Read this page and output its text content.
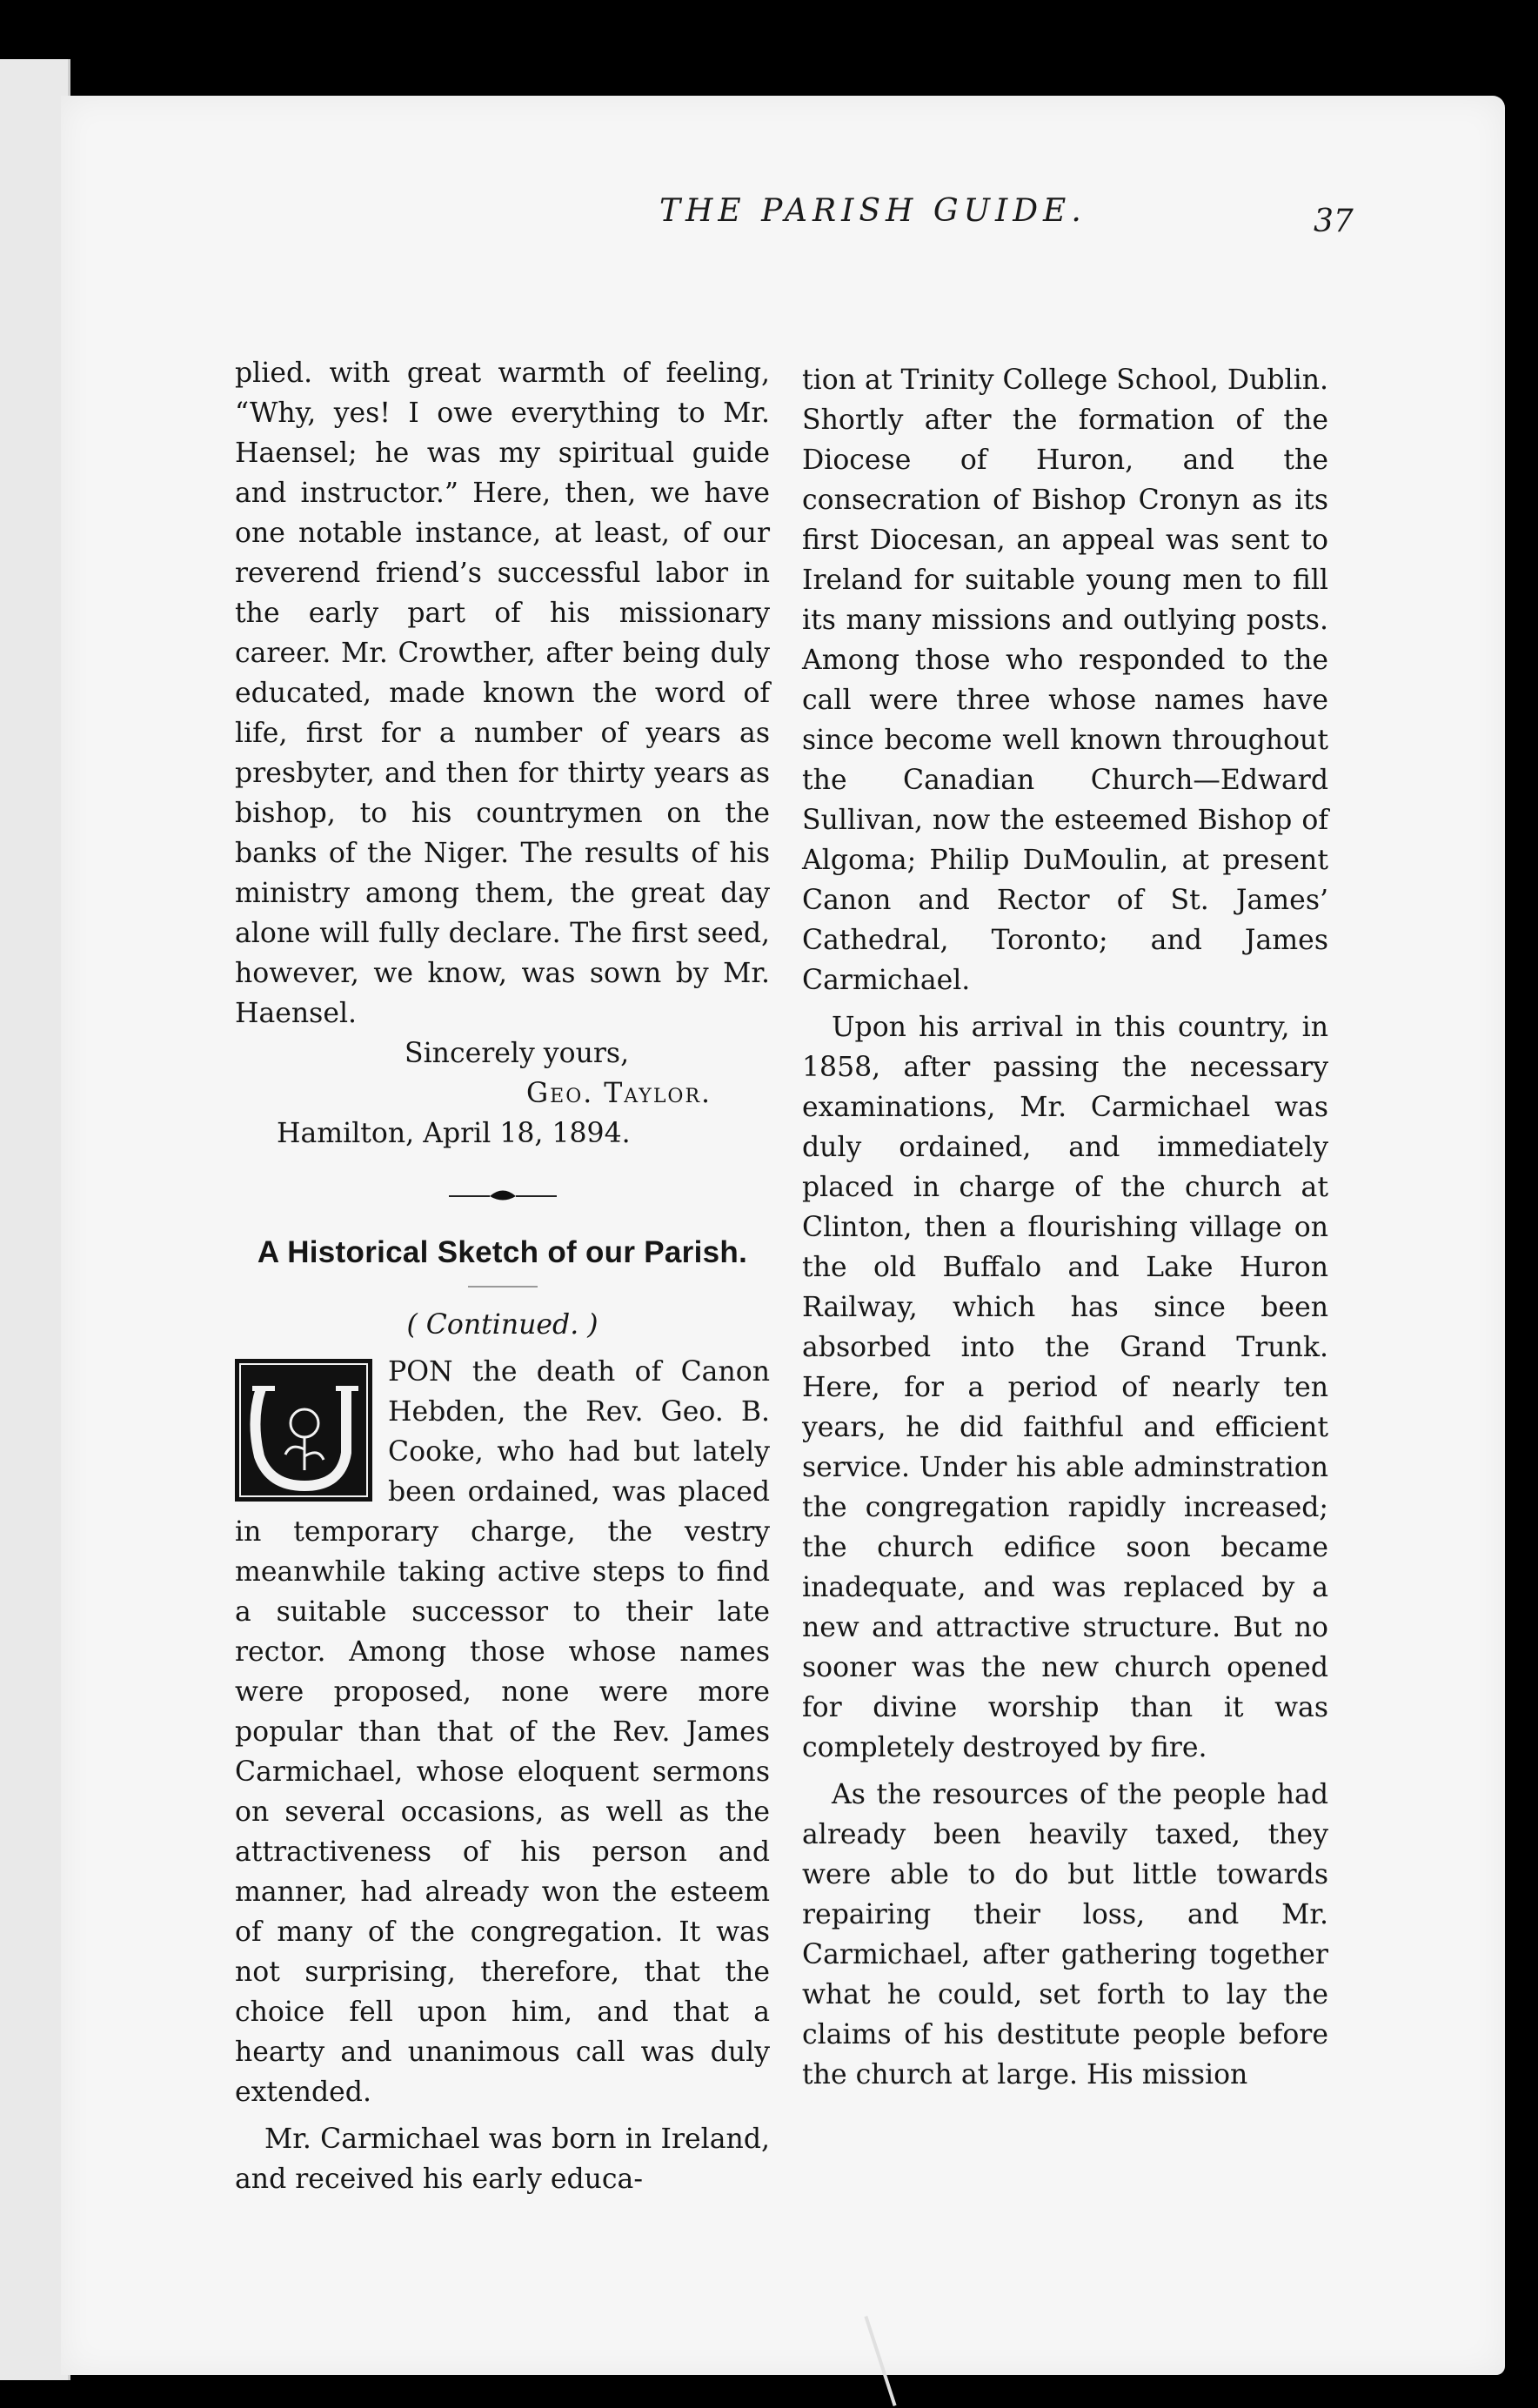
THE PARISH GUIDE.	37

plied. with great warmth of feeling, “Why, yes! I owe everything to Mr. Haensel; he was my spiritual guide and instructor.” Here, then, we have one notable instance, at least, of our reverend friend’s successful labor in the early part of his missionary career. Mr. Crowther, after being duly educated, made known the word of life, first for a number of years as presbyter, and then for thirty years as bishop, to his countrymen on the banks of the Niger. The results of his ministry among them, the great day alone will fully declare. The first seed, however, we know, was sown by Mr. Haensel.

Sincerely yours,

Geo. Taylor.

Hamilton, April 18, 1894.

A Historical Sketch of our Parish.

( Continued. )

PON the death of Canon Hebden, the Rev. Geo. B. Cooke, who had but lately been ordained, was placed in temporary charge, the vestry meanwhile taking active steps to find a suitable successor to their late rector. Among those whose names were proposed, none were more popular than that of the Rev. James Carmichael, whose eloquent sermons on several occasions, as well as the attractiveness of his person and manner, had already won the esteem of many of the congregation. It was not surprising, therefore, that the choice fell upon him, and that a hearty and unanimous call was duly extended.

Mr. Carmichael was born in Ireland, and received his early educa-

tion at Trinity College School, Dublin. Shortly after the formation of the Diocese of Huron, and the consecration of Bishop Cronyn as its first Diocesan, an appeal was sent to Ireland for suitable young men to fill its many missions and outlying posts. Among those who responded to the call were three whose names have since become well known throughout the Canadian Church—Edward Sullivan, now the esteemed Bishop of Algoma; Philip DuMoulin, at present Canon and Rector of St. James’ Cathedral, Toronto; and James Carmichael.

Upon his arrival in this country, in 1858, after passing the necessary examinations, Mr. Carmichael was duly ordained, and immediately placed in charge of the church at Clinton, then a flourishing village on the old Buffalo and Lake Huron Railway, which has since been absorbed into the Grand Trunk. Here, for a period of nearly ten years, he did faithful and efficient service. Under his able adminstration the congregation rapidly increased; the church edifice soon became inadequate, and was replaced by a new and attractive structure. But no sooner was the new church opened for divine worship than it was completely destroyed by fire.

As the resources of the people had already been heavily taxed, they were able to do but little towards repairing their loss, and Mr. Carmichael, after gathering together what he could, set forth to lay the claims of his destitute people before the church at large. His mission
